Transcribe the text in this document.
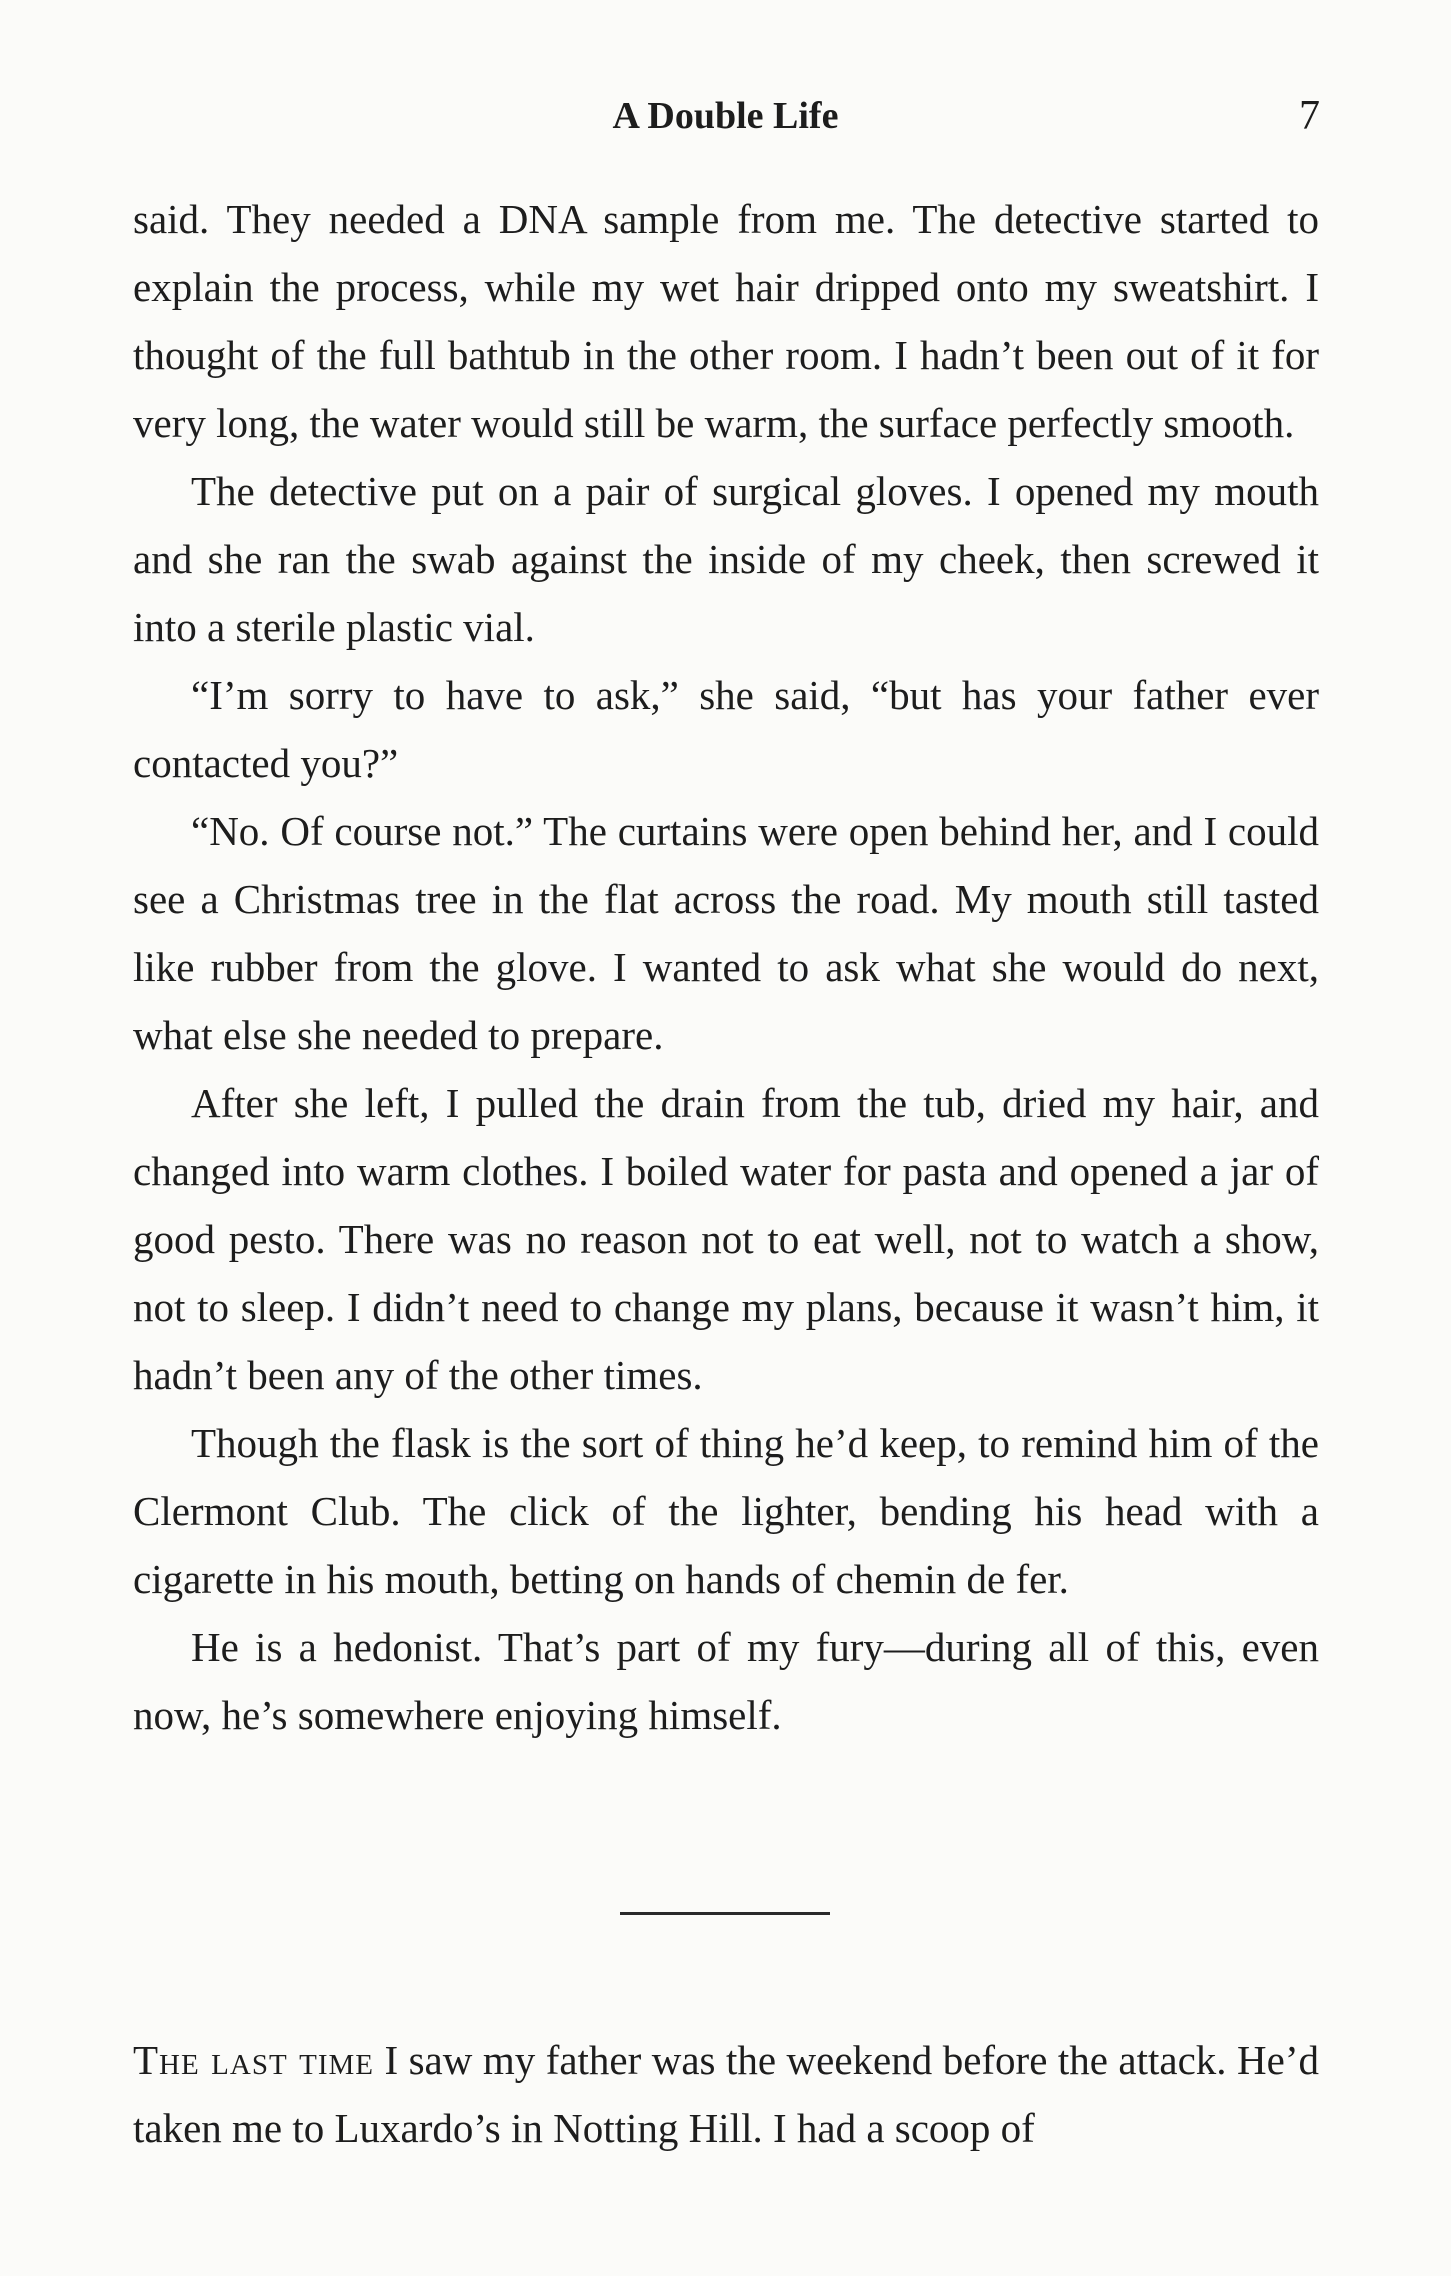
A Double Life	7

said. They needed a DNA sample from me. The detective started to explain the process, while my wet hair dripped onto my sweatshirt. I thought of the full bathtub in the other room. I hadn’t been out of it for very long, the water would still be warm, the surface perfectly smooth.

The detective put on a pair of surgical gloves. I opened my mouth and she ran the swab against the inside of my cheek, then screwed it into a sterile plastic vial.

“I’m sorry to have to ask,” she said, “but has your father ever contacted you?”

“No. Of course not.” The curtains were open behind her, and I could see a Christmas tree in the flat across the road. My mouth still tasted like rubber from the glove. I wanted to ask what she would do next, what else she needed to prepare.

After she left, I pulled the drain from the tub, dried my hair, and changed into warm clothes. I boiled water for pasta and opened a jar of good pesto. There was no reason not to eat well, not to watch a show, not to sleep. I didn’t need to change my plans, because it wasn’t him, it hadn’t been any of the other times.

Though the flask is the sort of thing he’d keep, to remind him of the Clermont Club. The click of the lighter, bending his head with a cigarette in his mouth, betting on hands of chemin de fer.

He is a hedonist. That’s part of my fury—during all of this, even now, he’s somewhere enjoying himself.

The last time I saw my father was the weekend before the attack. He’d taken me to Luxardo’s in Notting Hill. I had a scoop of
